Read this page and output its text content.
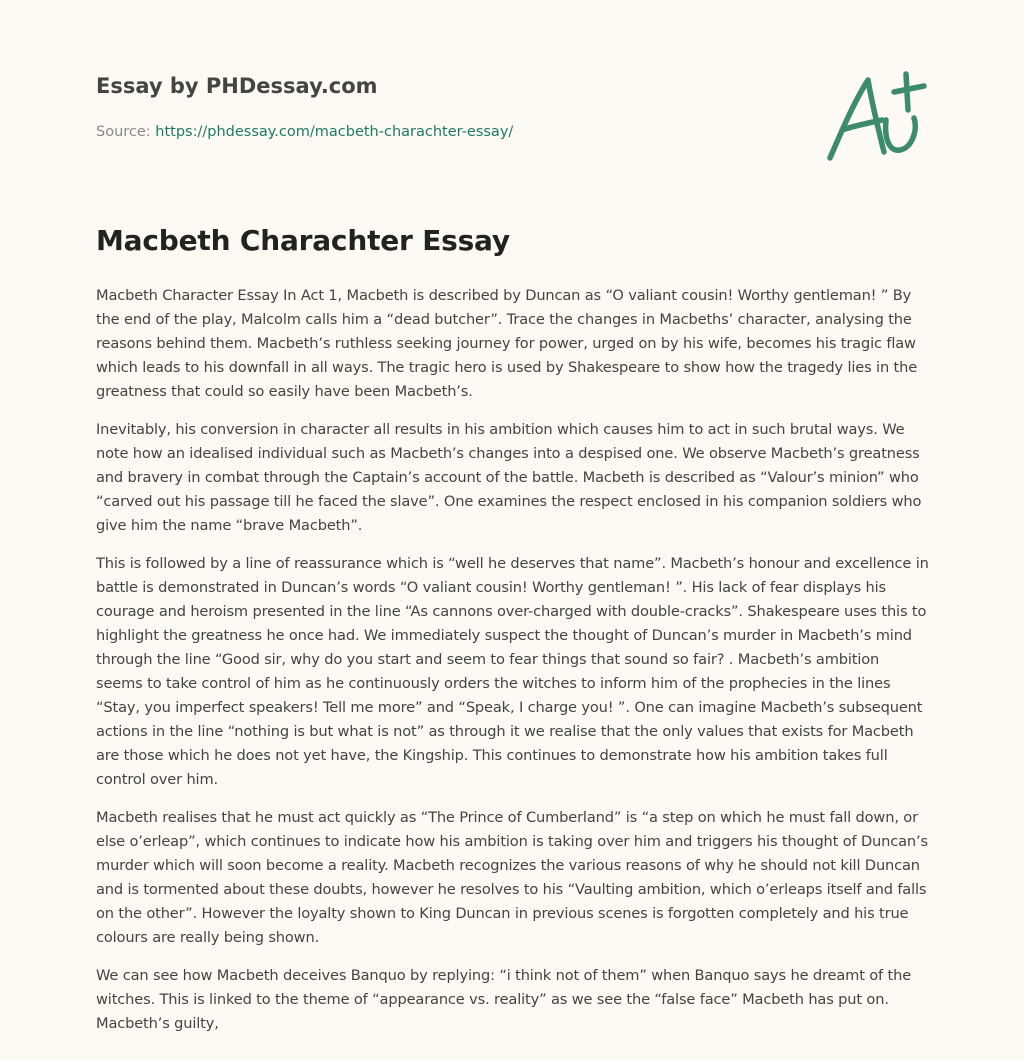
Essay by PHDessay.com
Source: https://phdessay.com/macbeth-charachter-essay/
Macbeth Charachter Essay

Macbeth Character Essay In Act 1, Macbeth is described by Duncan as “O valiant cousin! Worthy gentleman! ” By the end of the play, Malcolm calls him a “dead butcher”. Trace the changes in Macbeths’ character, analysing the reasons behind them. Macbeth’s ruthless seeking journey for power, urged on by his wife, becomes his tragic flaw which leads to his downfall in all ways. The tragic hero is used by Shakespeare to show how the tragedy lies in the greatness that could so easily have been Macbeth’s.

Inevitably, his conversion in character all results in his ambition which causes him to act in such brutal ways. We note how an idealised individual such as Macbeth’s changes into a despised one. We observe Macbeth’s greatness and bravery in combat through the Captain’s account of the battle. Macbeth is described as “Valour’s minion” who “carved out his passage till he faced the slave”. One examines the respect enclosed in his companion soldiers who give him the name “brave Macbeth”.

This is followed by a line of reassurance which is “well he deserves that name”. Macbeth’s honour and excellence in battle is demonstrated in Duncan’s words “O valiant cousin! Worthy gentleman! ”. His lack of fear displays his courage and heroism presented in the line “As cannons over-charged with double-cracks”. Shakespeare uses this to highlight the greatness he once had. We immediately suspect the thought of Duncan’s murder in Macbeth’s mind through the line “Good sir, why do you start and seem to fear things that sound so fair? . Macbeth’s ambition seems to take control of him as he continuously orders the witches to inform him of the prophecies in the lines “Stay, you imperfect speakers! Tell me more” and “Speak, I charge you! ”. One can imagine Macbeth’s subsequent actions in the line “nothing is but what is not” as through it we realise that the only values that exists for Macbeth are those which he does not yet have, the Kingship. This continues to demonstrate how his ambition takes full control over him.

Macbeth realises that he must act quickly as “The Prince of Cumberland” is “a step on which he must fall down, or else o’erleap”, which continues to indicate how his ambition is taking over him and triggers his thought of Duncan’s murder which will soon become a reality. Macbeth recognizes the various reasons of why he should not kill Duncan and is tormented about these doubts, however he resolves to his “Vaulting ambition, which o’erleaps itself and falls on the other”. However the loyalty shown to King Duncan in previous scenes is forgotten completely and his true colours are really being shown.

We can see how Macbeth deceives Banquo by replying: “i think not of them” when Banquo says he dreamt of the witches. This is linked to the theme of “appearance vs. reality” as we see the “false face” Macbeth has put on. Macbeth’s guilty,
